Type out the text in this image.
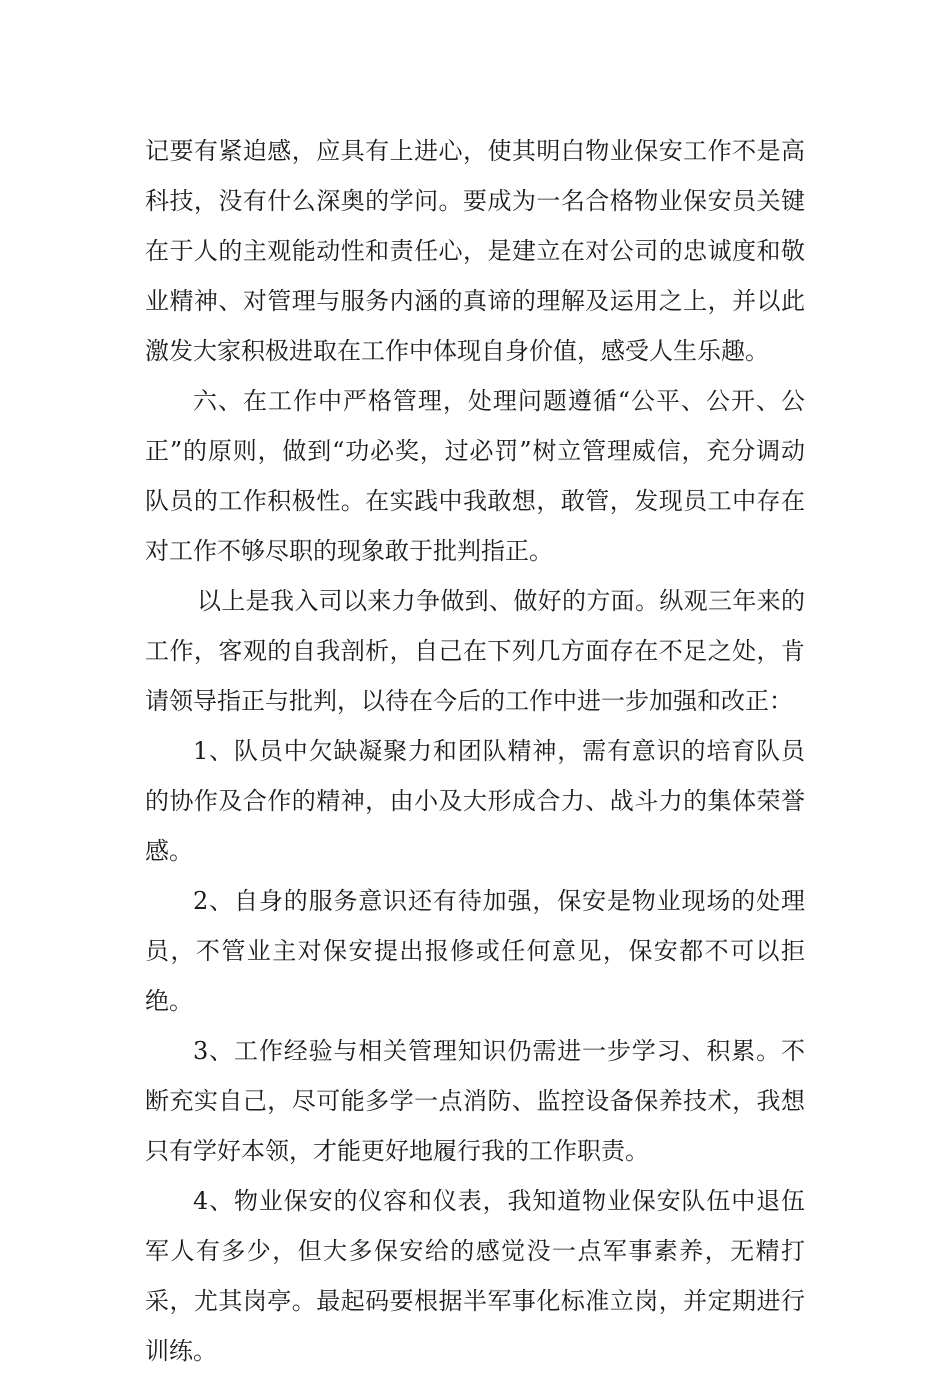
记要有紧迫感，应具有上进心，使其明白物业保安工作不是高科技，没有什么深奥的学问。要成为一名合格物业保安员关键在于人的主观能动性和责任心，是建立在对公司的忠诚度和敬业精神、对管理与服务内涵的真谛的理解及运用之上，并以此激发大家积极进取在工作中体现自身价值，感受人生乐趣。

六、在工作中严格管理，处理问题遵循“公平、公开、公正”的原则，做到“功必奖，过必罚”树立管理威信，充分调动队员的工作积极性。在实践中我敢想，敢管，发现员工中存在对工作不够尽职的现象敢于批判指正。

以上是我入司以来力争做到、做好的方面。纵观三年来的工作，客观的自我剖析，自己在下列几方面存在不足之处，肯请领导指正与批判，以待在今后的工作中进一步加强和改正：

1、队员中欠缺凝聚力和团队精神，需有意识的培育队员的协作及合作的精神，由小及大形成合力、战斗力的集体荣誉感。

2、自身的服务意识还有待加强，保安是物业现场的处理员，不管业主对保安提出报修或任何意见，保安都不可以拒绝。

3、工作经验与相关管理知识仍需进一步学习、积累。不断充实自己，尽可能多学一点消防、监控设备保养技术，我想只有学好本领，才能更好地履行我的工作职责。

4、物业保安的仪容和仪表，我知道物业保安队伍中退伍军人有多少，但大多保安给的感觉没一点军事素养，无精打采，尤其岗亭。最起码要根据半军事化标准立岗，并定期进行训练。
